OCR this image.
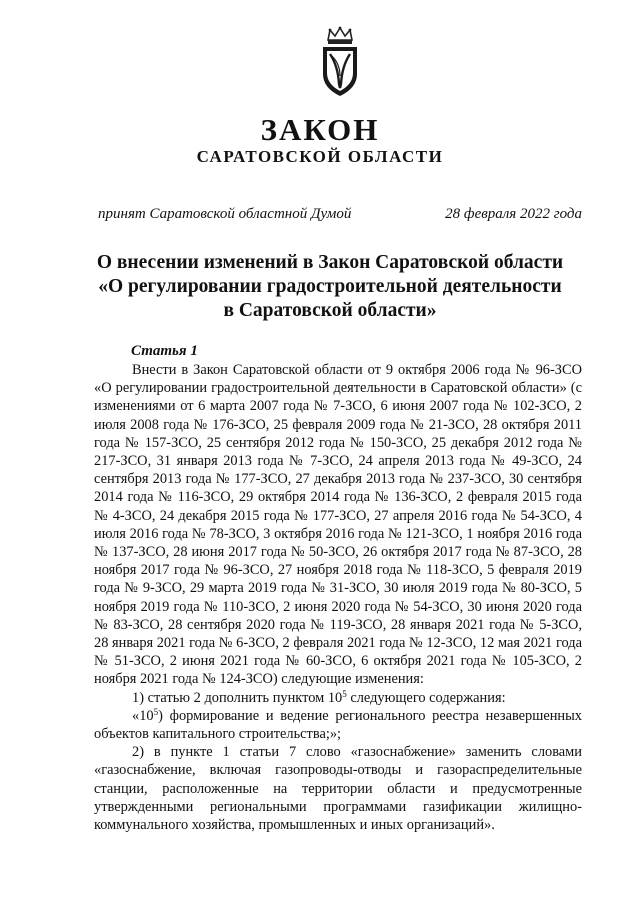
ЗАКОН
САРАТОВСКОЙ ОБЛАСТИ
принят Саратовской областной Думой	28 февраля 2022 года
О внесении изменений в Закон Саратовской области
«О регулировании градостроительной деятельности
в Саратовской области»
Статья 1

Внести в Закон Саратовской области от 9 октября 2006 года № 96-ЗСО «О регулировании градостроительной деятельности в Саратовской области» (с изменениями от 6 марта 2007 года № 7-ЗСО, 6 июня 2007 года № 102-ЗСО, 2 июля 2008 года № 176-ЗСО, 25 февраля 2009 года № 21-ЗСО, 28 октября 2011 года № 157-ЗСО, 25 сентября 2012 года № 150-ЗСО, 25 декабря 2012 года № 217-ЗСО, 31 января 2013 года № 7-ЗСО, 24 апреля 2013 года № 49-ЗСО, 24 сентября 2013 года № 177-ЗСО, 27 декабря 2013 года № 237-ЗСО, 30 сентября 2014 года № 116-ЗСО, 29 октября 2014 года № 136-ЗСО, 2 февраля 2015 года № 4-ЗСО, 24 декабря 2015 года № 177-ЗСО, 27 апреля 2016 года № 54-ЗСО, 4 июля 2016 года № 78-ЗСО, 3 октября 2016 года № 121-ЗСО, 1 ноября 2016 года № 137-ЗСО, 28 июня 2017 года № 50-ЗСО, 26 октября 2017 года № 87-ЗСО, 28 ноября 2017 года № 96-ЗСО, 27 ноября 2018 года № 118-ЗСО, 5 февраля 2019 года № 9-ЗСО, 29 марта 2019 года № 31-ЗСО, 30 июля 2019 года № 80-ЗСО, 5 ноября 2019 года № 110-ЗСО, 2 июня 2020 года № 54-ЗСО, 30 июня 2020 года № 83-ЗСО, 28 сентября 2020 года № 119-ЗСО, 28 января 2021 года № 5-ЗСО, 28 января 2021 года № 6-ЗСО, 2 февраля 2021 года № 12-ЗСО, 12 мая 2021 года № 51-ЗСО, 2 июня 2021 года № 60-ЗСО, 6 октября 2021 года № 105-ЗСО, 2 ноября 2021 года № 124-ЗСО) следующие изменения:

1) статью 2 дополнить пунктом $10^5$ следующего содержания:

«$10^5$) формирование и ведение регионального реестра незавершенных объектов капитального строительства;»;

2) в пункте 1 статьи 7 слово «газоснабжение» заменить словами «газоснабжение, включая газопроводы-отводы и газораспределительные станции, расположенные на территории области и предусмотренные утвержденными региональными программами газификации жилищно-коммунального хозяйства, промышленных и иных организаций».
